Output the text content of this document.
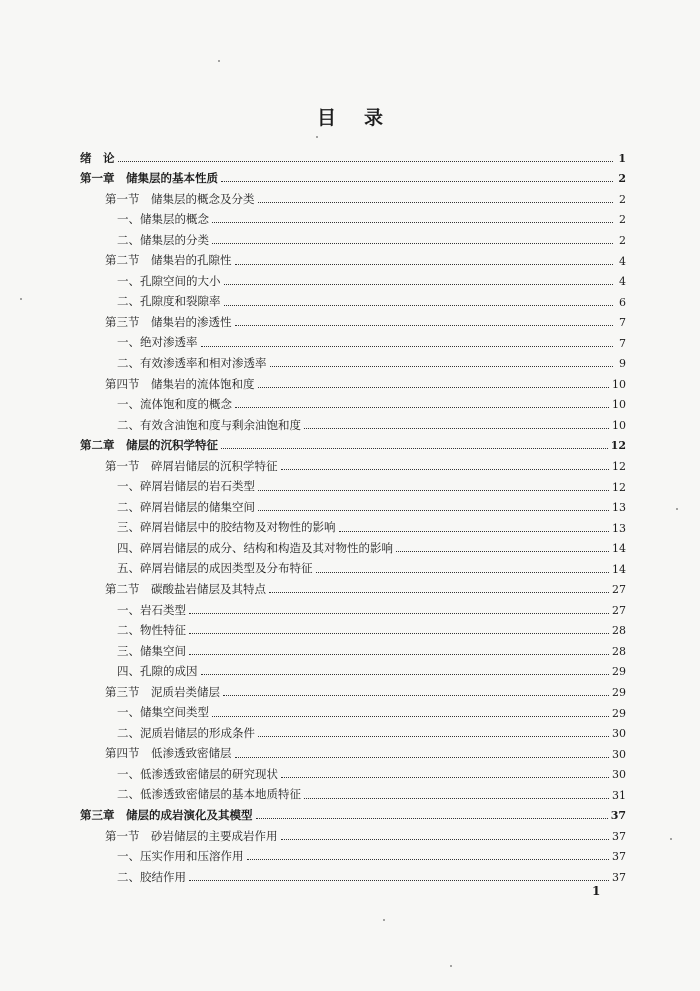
目 录
绪　论	1
第一章　储集层的基本性质	2
第一节　储集层的概念及分类	2
一、储集层的概念	2
二、储集层的分类	2
第二节　储集岩的孔隙性	4
一、孔隙空间的大小	4
二、孔隙度和裂隙率	6
第三节　储集岩的渗透性	7
一、绝对渗透率	7
二、有效渗透率和相对渗透率	9
第四节　储集岩的流体饱和度	10
一、流体饱和度的概念	10
二、有效含油饱和度与剩余油饱和度	10
第二章　储层的沉积学特征	12
第一节　碎屑岩储层的沉积学特征	12
一、碎屑岩储层的岩石类型	12
二、碎屑岩储层的储集空间	13
三、碎屑岩储层中的胶结物及对物性的影响	13
四、碎屑岩储层的成分、结构和构造及其对物性的影响	14
五、碎屑岩储层的成因类型及分布特征	14
第二节　碳酸盐岩储层及其特点	27
一、岩石类型	27
二、物性特征	28
三、储集空间	28
四、孔隙的成因	29
第三节　泥质岩类储层	29
一、储集空间类型	29
二、泥质岩储层的形成条件	30
第四节　低渗透致密储层	30
一、低渗透致密储层的研究现状	30
二、低渗透致密储层的基本地质特征	31
第三章　储层的成岩演化及其模型	37
第一节　砂岩储层的主要成岩作用	37
一、压实作用和压溶作用	37
二、胶结作用	37
1
